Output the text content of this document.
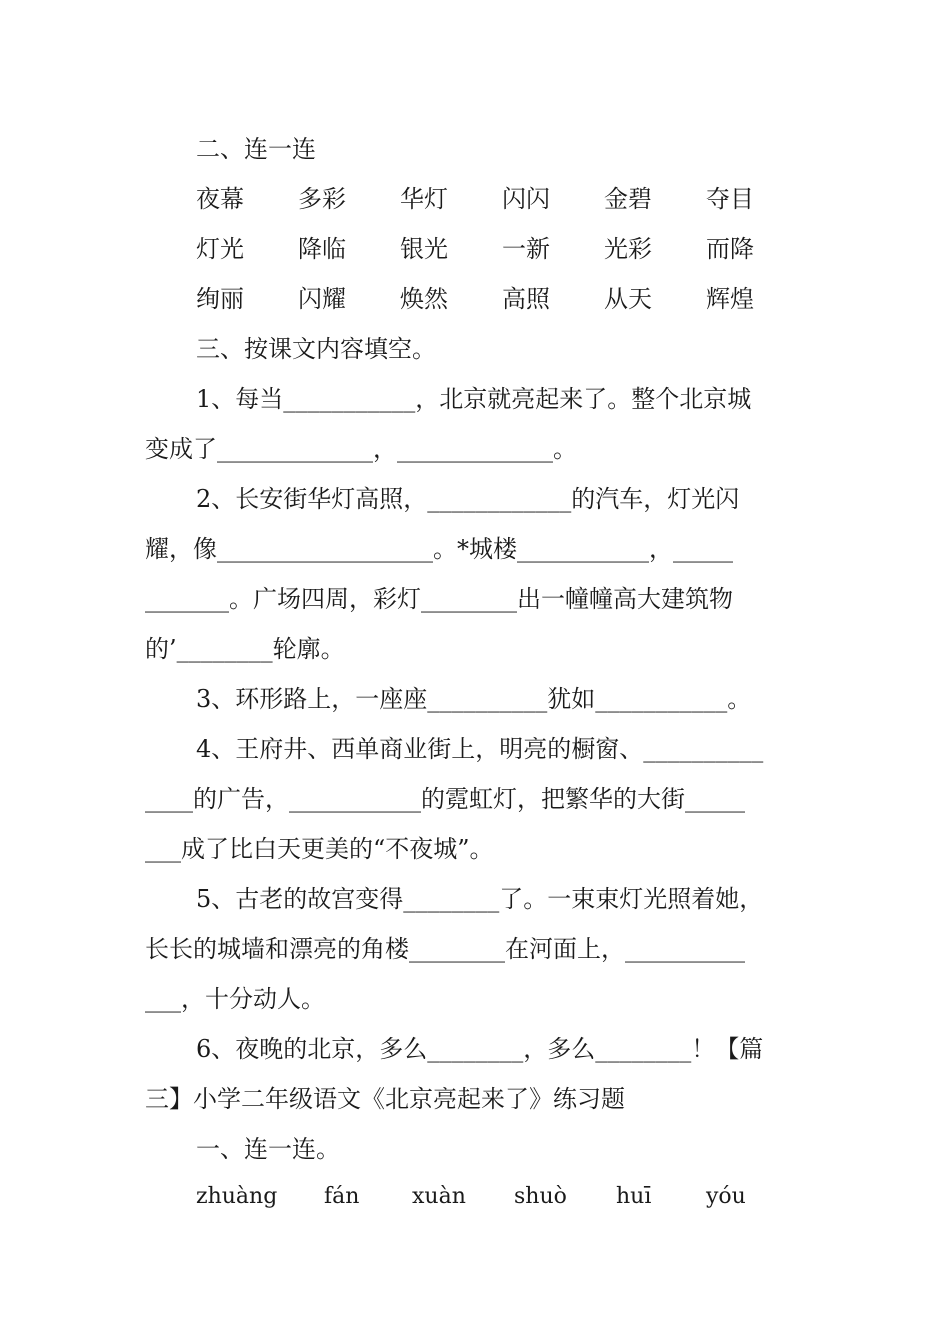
二、连一连

夜幕 多彩 华灯 闪闪 金碧 夺目
灯光 降临 银光 一新 光彩 而降
绚丽 闪耀 焕然 高照 从天 辉煌

三、按课文内容填空。

1、每当___________，北京就亮起来了。整个北京城

变成了_____________，_____________。

2、长安街华灯高照，____________的汽车，灯光闪

耀，像__________________。*城楼___________，_____

_______。广场四周，彩灯________出一幢幢高大建筑物

的’________轮廓。

3、环形路上，一座座__________犹如___________。

4、王府井、西单商业街上，明亮的橱窗、__________

____的广告，___________的霓虹灯，把繁华的大街_____

___成了比白天更美的“不夜城”。

5、古老的故宫变得________了。一束束灯光照着她，

长长的城墙和漂亮的角楼________在河面上，__________

___，十分动人。

6、夜晚的北京，多么________，多么________！【篇

三】小学二年级语文《北京亮起来了》练习题

一、连一连。

zhuàng fán xuàn shuò huī yóu
